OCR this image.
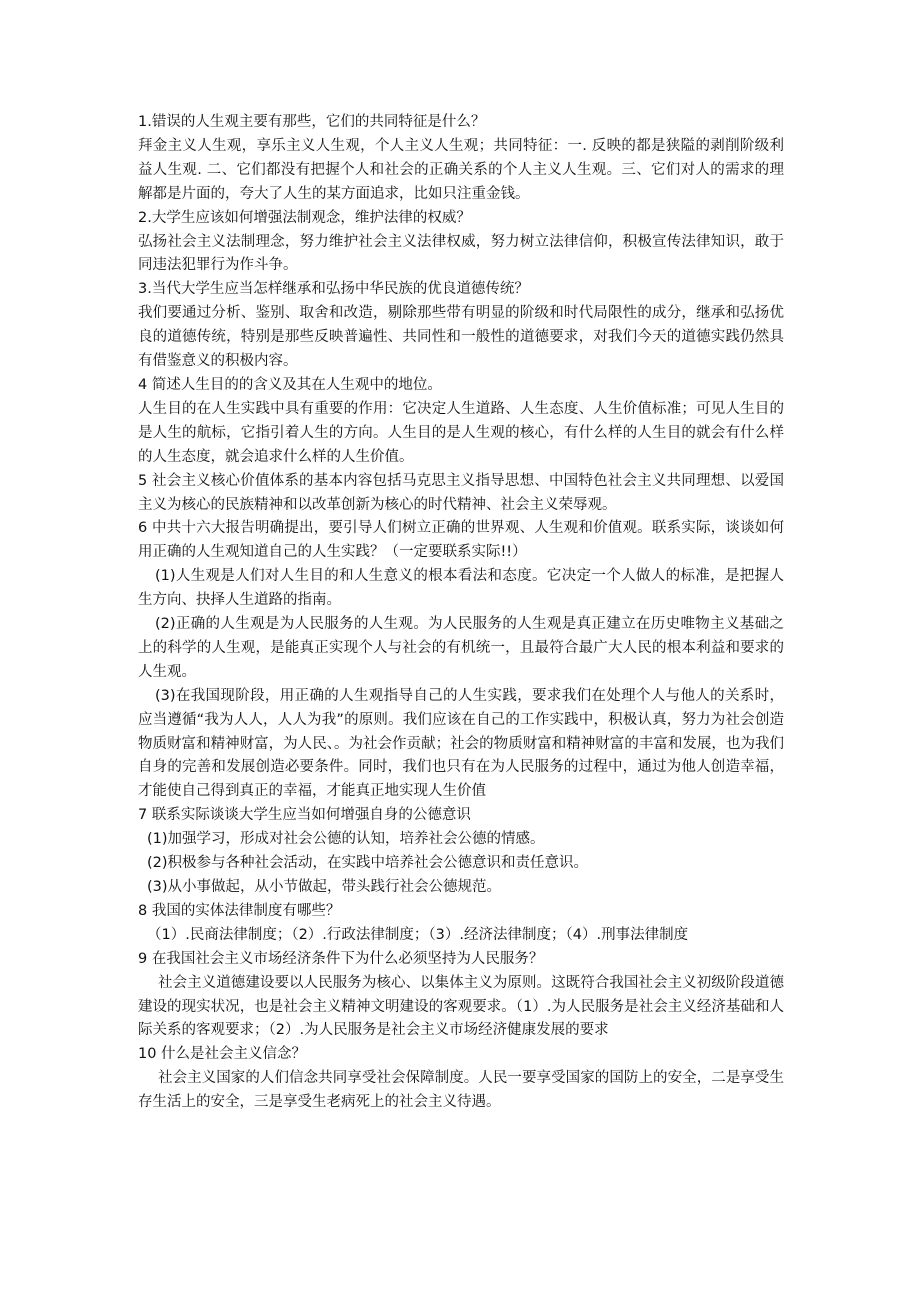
1.错误的人生观主要有那些，它们的共同特征是什么？

拜金主义人生观，享乐主义人生观，个人主义人生观；共同特征：一. 反映的都是狭隘的剥削阶级利益人生观. 二、它们都没有把握个人和社会的正确关系的个人主义人生观。三、它们对人的需求的理解都是片面的，夸大了人生的某方面追求，比如只注重金钱。

2.大学生应该如何增强法制观念，维护法律的权威？

弘扬社会主义法制理念，努力维护社会主义法律权威，努力树立法律信仰，积极宣传法律知识，敢于同违法犯罪行为作斗争。

3.当代大学生应当怎样继承和弘扬中华民族的优良道德传统？

我们要通过分析、鉴别、取舍和改造，剔除那些带有明显的阶级和时代局限性的成分，继承和弘扬优良的道德传统，特别是那些反映普遍性、共同性和一般性的道德要求，对我们今天的道德实践仍然具有借鉴意义的积极内容。

4 简述人生目的的含义及其在人生观中的地位。

人生目的在人生实践中具有重要的作用：它决定人生道路、人生态度、人生价值标准；可见人生目的是人生的航标，它指引着人生的方向。人生目的是人生观的核心，有什么样的人生目的就会有什么样的人生态度，就会追求什么样的人生价值。

5 社会主义核心价值体系的基本内容包括马克思主义指导思想、中国特色社会主义共同理想、以爱国主义为核心的民族精神和以改革创新为核心的时代精神、社会主义荣辱观。

6 中共十六大报告明确提出，要引导人们树立正确的世界观、人生观和价值观。联系实际，谈谈如何用正确的人生观知道自己的人生实践？（一定要联系实际!!）

(1)人生观是人们对人生目的和人生意义的根本看法和态度。它决定一个人做人的标准，是把握人生方向、抉择人生道路的指南。

(2)正确的人生观是为人民服务的人生观。为人民服务的人生观是真正建立在历史唯物主义基础之上的科学的人生观，是能真正实现个人与社会的有机统一，且最符合最广大人民的根本利益和要求的人生观。

(3)在我国现阶段，用正确的人生观指导自己的人生实践，要求我们在处理个人与他人的关系时，应当遵循“我为人人，人人为我”的原则。我们应该在自己的工作实践中，积极认真，努力为社会创造物质财富和精神财富，为人民、。为社会作贡献；社会的物质财富和精神财富的丰富和发展，也为我们自身的完善和发展创造必要条件。同时，我们也只有在为人民服务的过程中，通过为他人创造幸福，才能使自己得到真正的幸福，才能真正地实现人生价值

7 联系实际谈谈大学生应当如何增强自身的公德意识

(1)加强学习，形成对社会公德的认知，培养社会公德的情感。

(2)积极参与各种社会活动，在实践中培养社会公德意识和责任意识。

(3)从小事做起，从小节做起，带头践行社会公德规范。

8 我国的实体法律制度有哪些？

（1）.民商法律制度；（2）.行政法律制度；（3）.经济法律制度；（4）.刑事法律制度

9 在我国社会主义市场经济条件下为什么必须坚持为人民服务？

社会主义道德建设要以人民服务为核心、以集体主义为原则。这既符合我国社会主义初级阶段道德建设的现实状况，也是社会主义精神文明建设的客观要求。（1）.为人民服务是社会主义经济基础和人际关系的客观要求；（2）.为人民服务是社会主义市场经济健康发展的要求

10 什么是社会主义信念？

社会主义国家的人们信念共同享受社会保障制度。人民一要享受国家的国防上的安全，二是享受生存生活上的安全，三是享受生老病死上的社会主义待遇。
